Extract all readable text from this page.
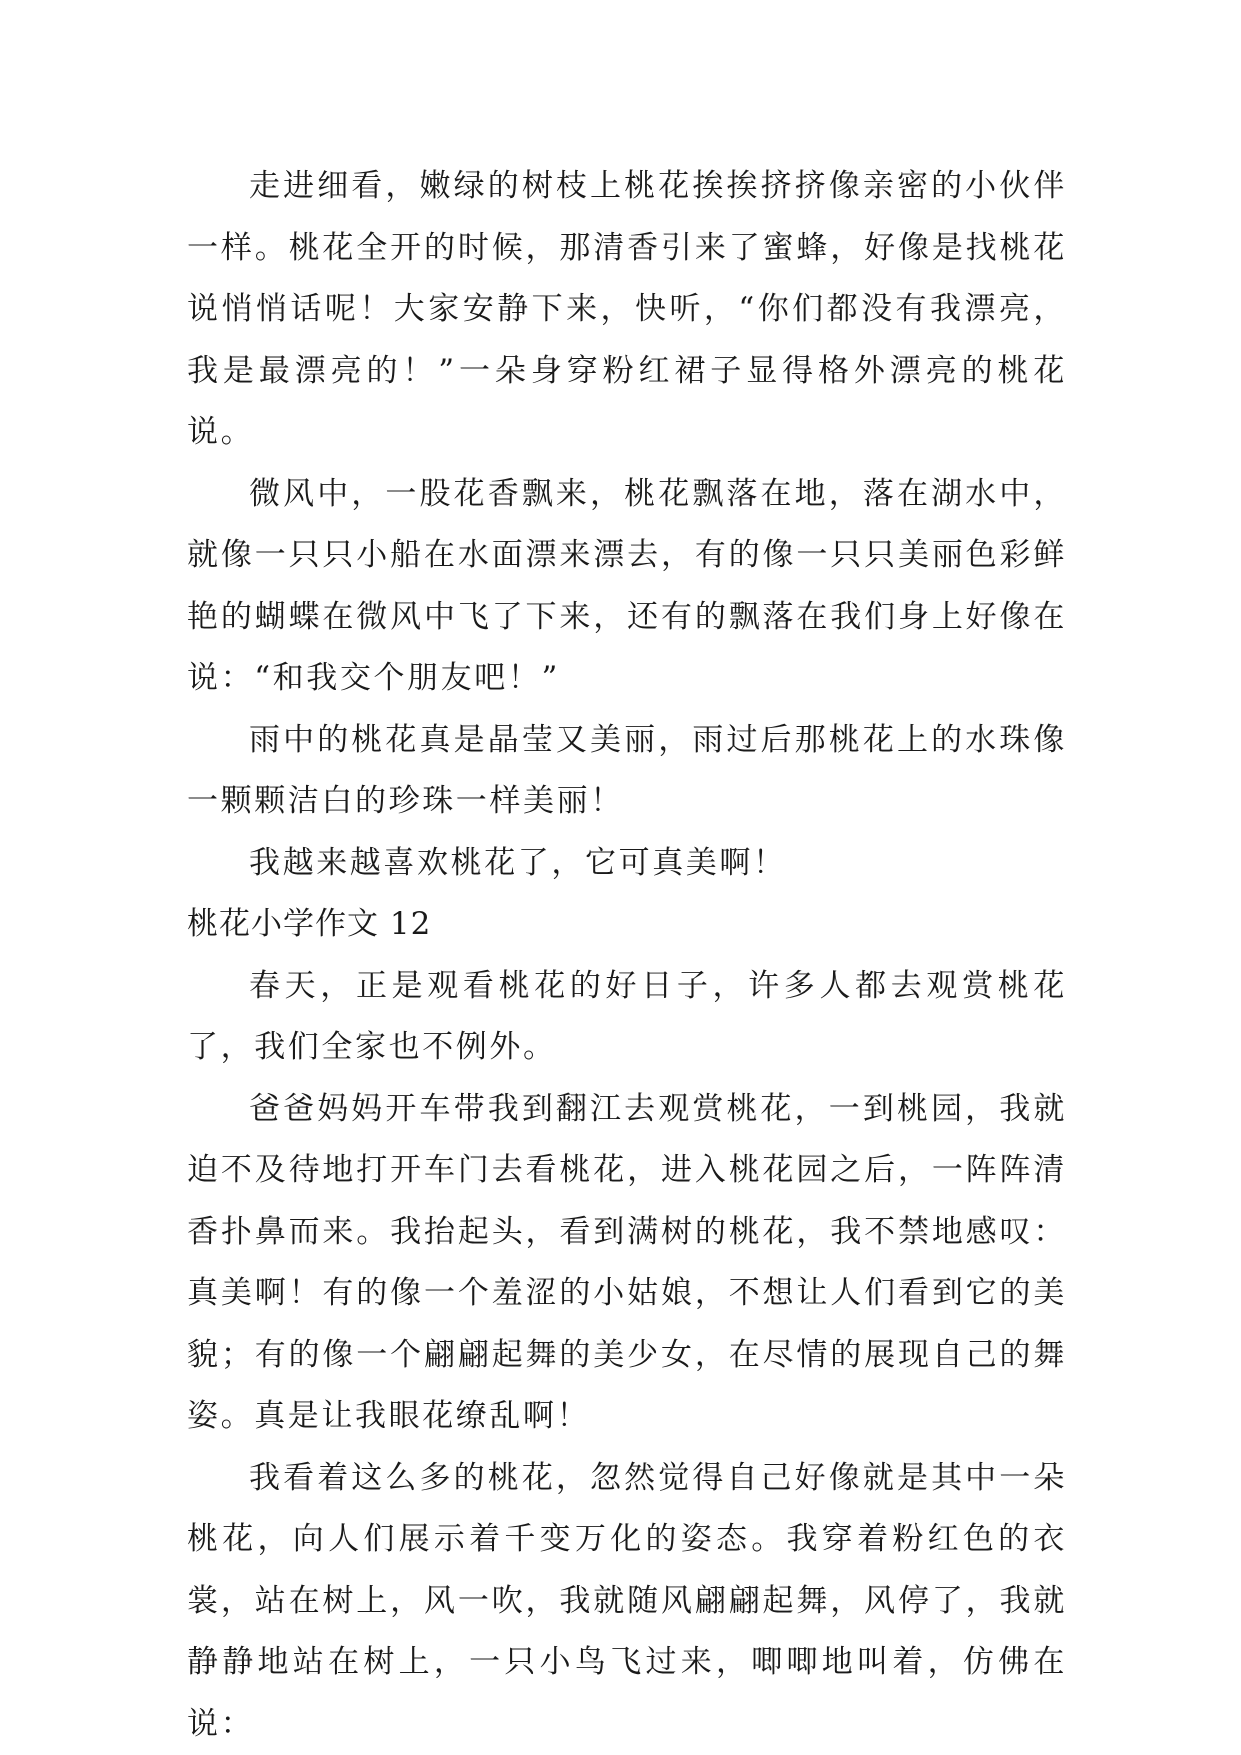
走进细看，嫩绿的树枝上桃花挨挨挤挤像亲密的小伙伴一样。桃花全开的时候，那清香引来了蜜蜂，好像是找桃花说悄悄话呢！大家安静下来，快听，“你们都没有我漂亮，我是最漂亮的！”一朵身穿粉红裙子显得格外漂亮的桃花说。

微风中，一股花香飘来，桃花飘落在地，落在湖水中，就像一只只小船在水面漂来漂去，有的像一只只美丽色彩鲜艳的蝴蝶在微风中飞了下来，还有的飘落在我们身上好像在说：“和我交个朋友吧！”

雨中的桃花真是晶莹又美丽，雨过后那桃花上的水珠像一颗颗洁白的珍珠一样美丽！

我越来越喜欢桃花了，它可真美啊！

桃花小学作文 12

春天，正是观看桃花的好日子，许多人都去观赏桃花了，我们全家也不例外。

爸爸妈妈开车带我到翻江去观赏桃花，一到桃园，我就迫不及待地打开车门去看桃花，进入桃花园之后，一阵阵清香扑鼻而来。我抬起头，看到满树的桃花，我不禁地感叹：真美啊！有的像一个羞涩的小姑娘，不想让人们看到它的美貌；有的像一个翩翩起舞的美少女，在尽情的展现自己的舞姿。真是让我眼花缭乱啊！

我看着这么多的桃花，忽然觉得自己好像就是其中一朵桃花，向人们展示着千变万化的姿态。我穿着粉红色的衣裳，站在树上，风一吹，我就随风翩翩起舞，风停了，我就静静地站在树上，一只小鸟飞过来，唧唧地叫着，仿佛在说：
